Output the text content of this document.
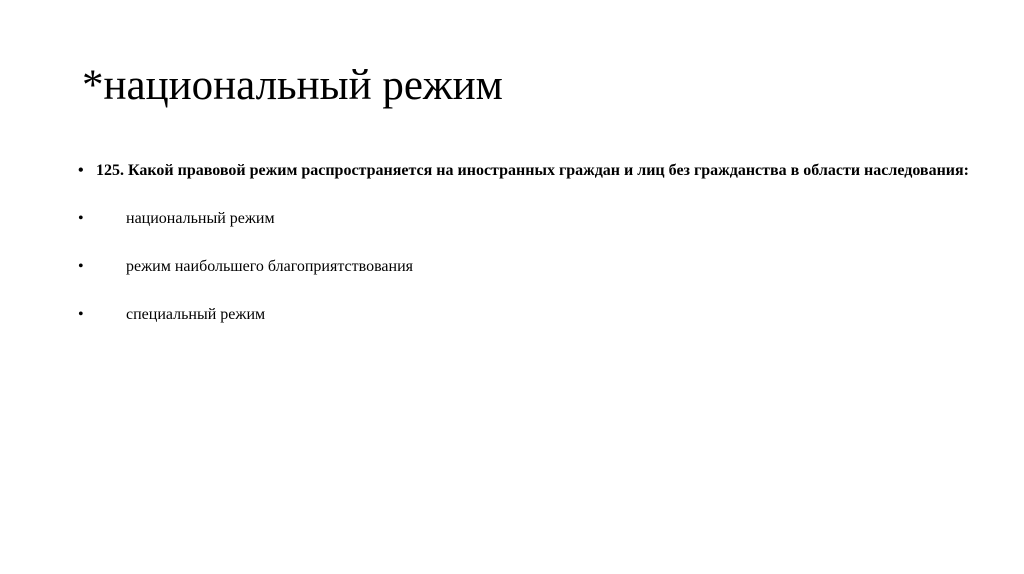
*национальный режим
• 125. Какой правовой режим распространяется на иностранных граждан и лиц без гражданства в области наследования:
•	национальный режим
•	режим наибольшего благоприятствования
•	специальный режим
